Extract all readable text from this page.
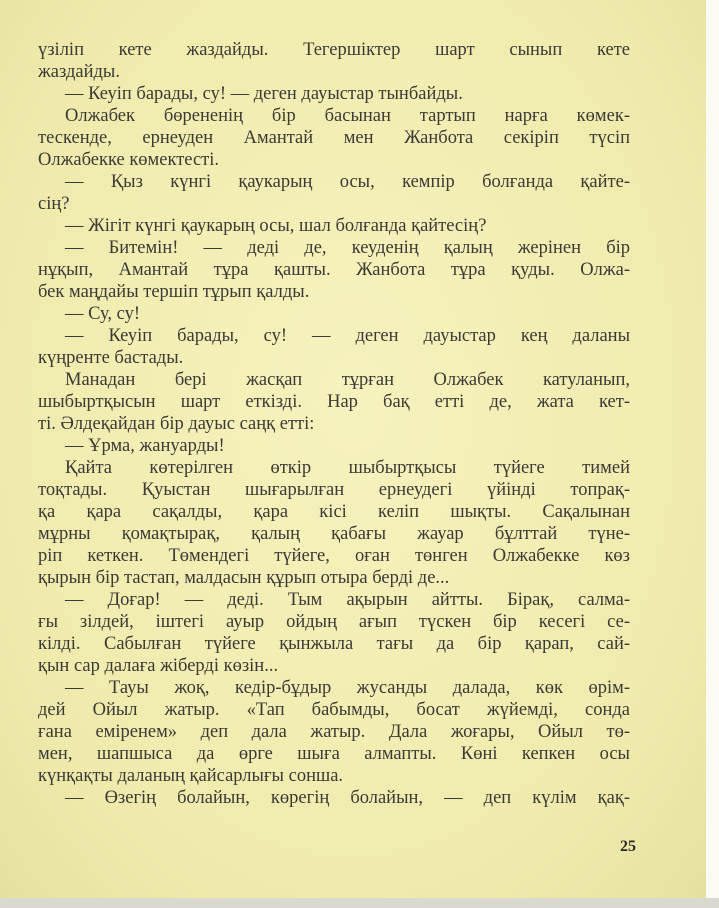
үзіліп кете жаздайды. Тегершіктер шарт сынып кете
жаздайды.
— Кеуіп барады, су! — деген дауыстар тынбайды.
Олжабек бөрененің бір басынан тартып нарға көмек-
тескенде, ернеуден Амантай мен Жанбота секіріп түсіп
Олжабекке көмектесті.
— Қыз күнгі қаукарың осы, кемпір болғанда қайте-
сің?
— Жігіт күнгі қаукарың осы, шал болғанда қайтесің?
— Битемін! — деді де, кеуденің қалың жерінен бір
нұқып, Амантай тұра қашты. Жанбота тұра қуды. Олжа-
бек маңдайы тершіп тұрып қалды.
— Су, су!
— Кеуіп барады, су! — деген дауыстар кең даланы
күңренте бастады.
Манадан бері жасқап тұрған Олжабек катуланып,
шыбыртқысын шарт еткізді. Нар бақ етті де, жата кет-
ті. Әлдеқайдан бір дауыс саңқ етті:
— Ұрма, жануарды!
Қайта көтерілген өткір шыбыртқысы түйеге тимей
тоқтады. Қуыстан шығарылған ернеудегі үйінді топрақ-
қа қара сақалды, қара кісі келіп шықты. Сақалынан
мұрны қомақтырақ, қалың қабағы жауар бұлттай түне-
ріп кеткен. Төмендегі түйеге, оған төнген Олжабекке көз
қырын бір тастап, малдасын құрып отыра берді де...
— Доғар! — деді. Тым ақырын айтты. Бірақ, салма-
ғы зілдей, іштегі ауыр ойдың ағып түскен бір кесегі се-
кілді. Сабылған түйеге қынжыла тағы да бір қарап, сай-
қын сар далаға жіберді көзін...
— Тауы жоқ, кедір-бұдыр жусанды далада, көк өрім-
дей Ойыл жатыр. «Тап бабымды, босат жүйемді, сонда
ғана еміренем» деп дала жатыр. Дала жоғары, Ойыл тө-
мен, шапшыса да өрге шыға алмапты. Көні кепкен осы
күнқақты даланың қайсарлығы сонша.
— Өзегің болайын, көрегің болайын, — деп күлім қақ-
25
